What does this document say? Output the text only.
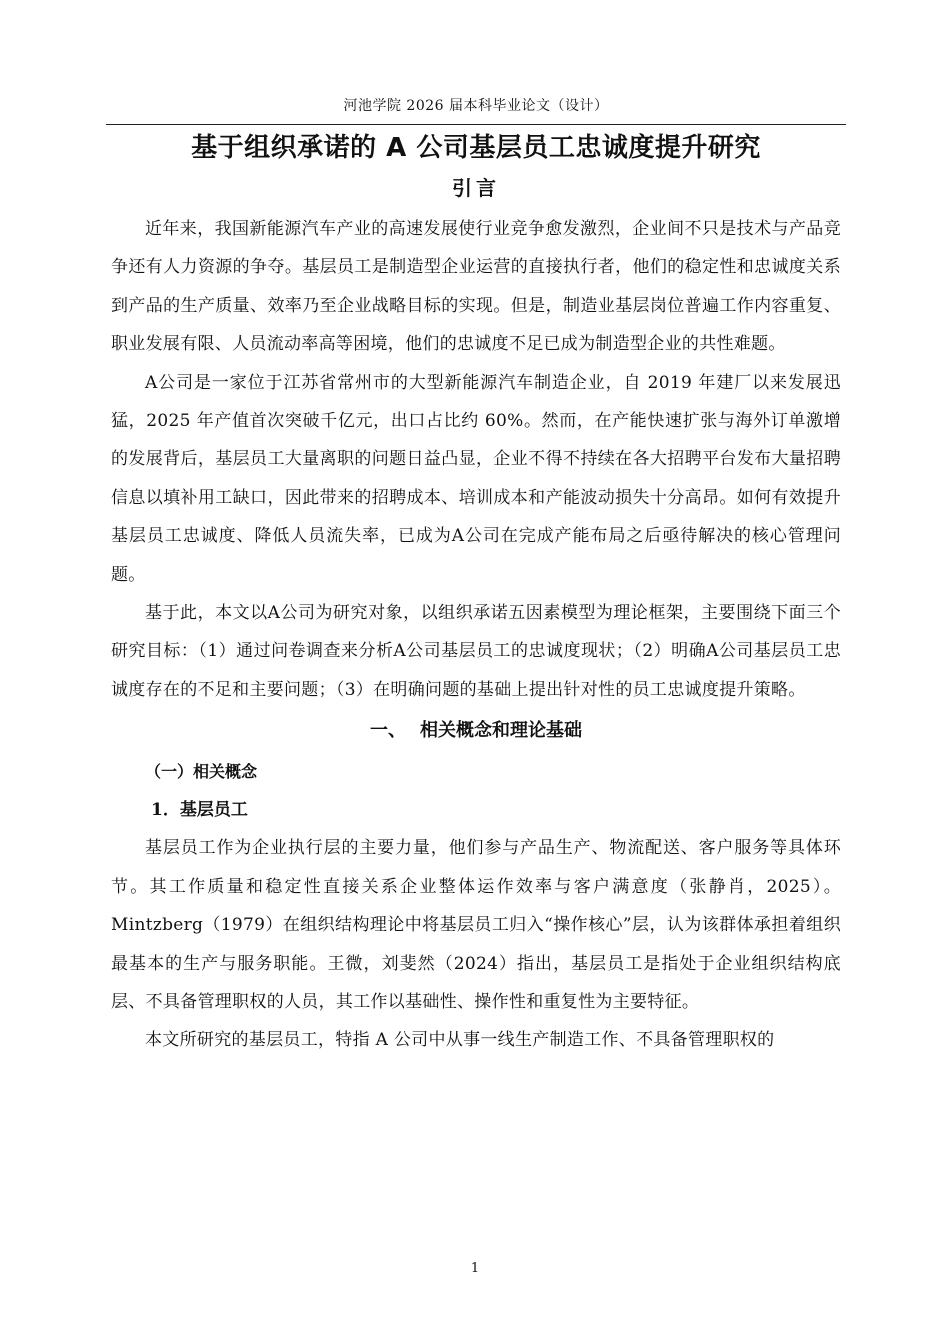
河池学院 2026 届本科毕业论文（设计）
基于组织承诺的 A 公司基层员工忠诚度提升研究
引言

近年来，我国新能源汽车产业的高速发展使行业竞争愈发激烈，企业间不只是技术与产品竞争还有人力资源的争夺。基层员工是制造型企业运营的直接执行者，他们的稳定性和忠诚度关系到产品的生产质量、效率乃至企业战略目标的实现。但是，制造业基层岗位普遍工作内容重复、职业发展有限、人员流动率高等困境，他们的忠诚度不足已成为制造型企业的共性难题。

A公司是一家位于江苏省常州市的大型新能源汽车制造企业，自 2019 年建厂以来发展迅猛，2025 年产值首次突破千亿元，出口占比约 60%。然而，在产能快速扩张与海外订单激增的发展背后，基层员工大量离职的问题日益凸显，企业不得不持续在各大招聘平台发布大量招聘信息以填补用工缺口，因此带来的招聘成本、培训成本和产能波动损失十分高昂。如何有效提升基层员工忠诚度、降低人员流失率，已成为A公司在完成产能布局之后亟待解决的核心管理问题。

基于此，本文以A公司为研究对象，以组织承诺五因素模型为理论框架，主要围绕下面三个研究目标：（1）通过问卷调查来分析A公司基层员工的忠诚度现状；（2）明确A公司基层员工忠诚度存在的不足和主要问题；（3）在明确问题的基础上提出针对性的员工忠诚度提升策略。

一、 相关概念和理论基础
（一）相关概念
1．基层员工

基层员工作为企业执行层的主要力量，他们参与产品生产、物流配送、客户服务等具体环节。其工作质量和稳定性直接关系企业整体运作效率与客户满意度（张静肖，2025）。Mintzberg（1979）在组织结构理论中将基层员工归入“操作核心”层，认为该群体承担着组织最基本的生产与服务职能。王微，刘斐然（2024）指出，基层员工是指处于企业组织结构底层、不具备管理职权的人员，其工作以基础性、操作性和重复性为主要特征。

本文所研究的基层员工，特指 A 公司中从事一线生产制造工作、不具备管理职权的

1
